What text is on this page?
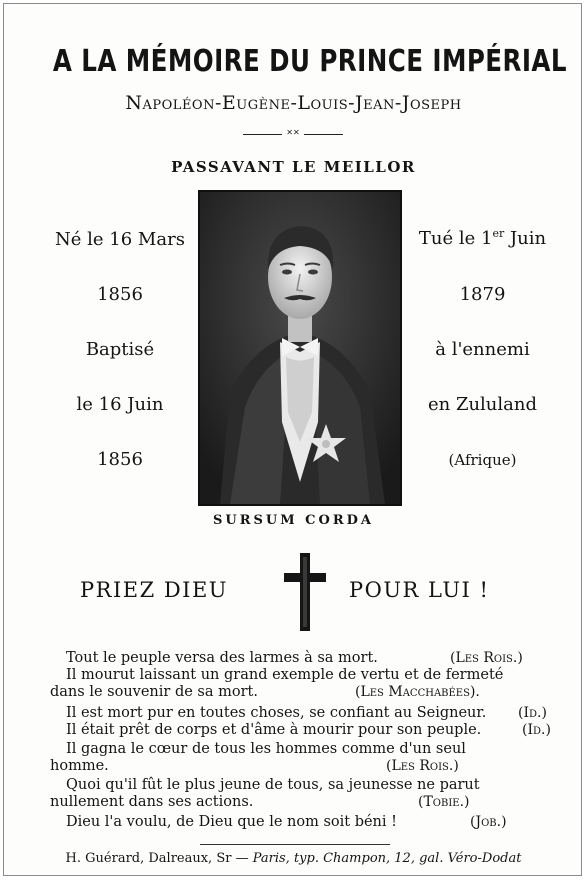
A LA MÉMOIRE DU PRINCE IMPÉRIAL
Napoléon-Eugène-Louis-Jean-Joseph
✕✕
PASSAVANT LE MEILLOR
Né le 16 Mars
1856
Baptisé
le 16 Juin
1856
Tué le 1er Juin
1879
à l'ennemi
en Zululand
(Afrique)
SURSUM CORDA
PRIEZ DIEU	POUR LUI !
Tout le peuple versa des larmes à sa mort.	(Les Rois.)
Il mourut laissant un grand exemple de vertu et de fermeté
dans le souvenir de sa mort.	(Les Macchabées).
Il est mort pur en toutes choses, se confiant au Seigneur. (Id.)
Il était prêt de corps et d'âme à mourir pour son peuple.	(Id.)
Il gagna le cœur de tous les hommes comme d'un seul
homme.	(Les Rois.)
Quoi qu'il fût le plus jeune de tous, sa jeunesse ne parut
nullement dans ses actions.	(Tobie.)
Dieu l'a voulu, de Dieu que le nom soit béni !	(Job.)
H. Guérard, Dalreaux, Sr — Paris, typ. Champon, 12, gal. Véro-Dodat
